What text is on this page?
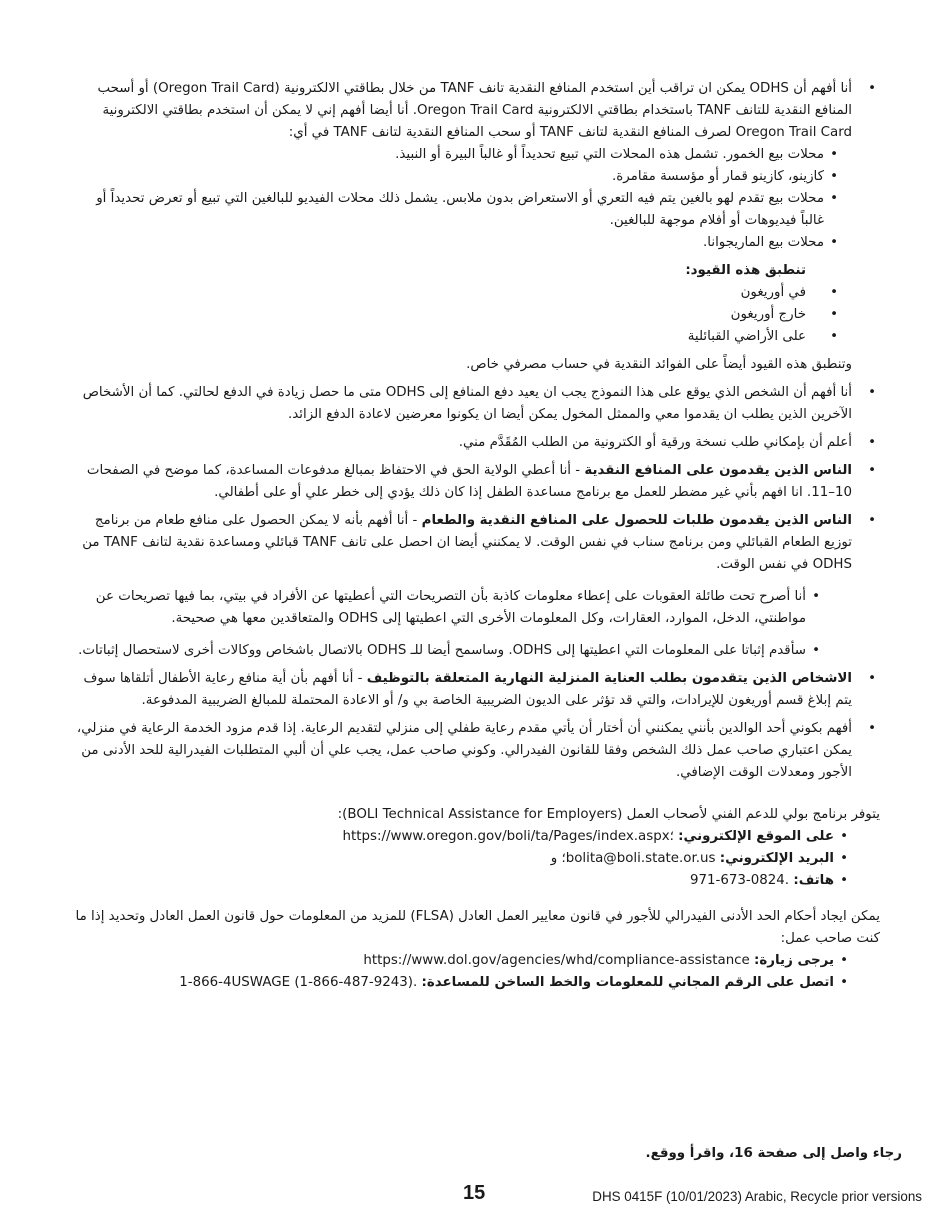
• أنا أفهم أن ODHS يمكن ان تراقب أين استخدم المنافع النقدية تانف TANF من خلال بطاقتي الالكترونية (Oregon Trail Card) أو أسحب المنافع النقدية للتانف TANF باستخدام بطاقتي الالكترونية Oregon Trail Card. أنا أيضا أفهم إني لا يمكن أن استخدم بطاقتي الالكترونية Oregon Trail Card لصرف المنافع النقدية لتانف TANF أو سحب المنافع النقدية لتانف TANF في أي:

• محلات بيع الخمور. تشمل هذه المحلات التي تبيع تحديداً أو غالباً البيرة أو النبيذ.

• كازينو، كازينو قمار أو مؤسسة مقامرة.

• محلات بيع تقدم لهو بالغين يتم فيه التعري أو الاستعراض بدون ملابس. يشمل ذلك محلات الفيديو للبالغين التي تبيع أو تعرض تحديداً أو غالباً فيديوهات أو أفلام موجهة للبالغين.

• محلات بيع الماريجوانا.

تنطبق هذه القيود:

• في أوريغون

• خارج أوريغون

• على الأراضي القبائلية

وتنطبق هذه القيود أيضاً على الفوائد النقدية في حساب مصرفي خاص.

• أنا أفهم أن الشخص الذي يوقع على هذا النموذج يجب ان يعيد دفع المنافع إلى ODHS متى ما حصل زيادة في الدفع لحالتي. كما أن الأشخاص الآخرين الذين يطلب ان يقدموا معي والممثل المخول يمكن أيضا ان يكونوا معرضين لاعادة الدفع الزائد.

• أعلم أن بإمكاني طلب نسخة ورقية أو الكترونية من الطلب المُقَدَّم مني.

• الناس الذين يقدمون على المنافع النقدية - أنا أعطي الولاية الحق في الاحتفاظ بمبالغ مدفوعات المساعدة، كما موضح في الصفحات 10–11. انا افهم بأني غير مضطر للعمل مع برنامج مساعدة الطفل إذا كان ذلك يؤدي إلى خطر علي أو على أطفالي.

• الناس الذين يقدمون طلبات للحصول على المنافع النقدية والطعام - أنا أفهم بأنه لا يمكن الحصول على منافع طعام من برنامج توزيع الطعام القبائلي ومن برنامج سناب في نفس الوقت. لا يمكنني أيضا ان احصل على تانف TANF قبائلي ومساعدة نقدية لتانف TANF من ODHS في نفس الوقت.

• أنا أصرح تحت طائلة العقوبات على إعطاء معلومات كاذبة بأن التصريحات التي أعطيتها عن الأفراد في بيتي، بما فيها تصريحات عن مواطنتي، الدخل، الموارد، العقارات، وكل المعلومات الأخرى التي اعطيتها إلى ODHS والمتعاقدين معها هي صحيحة.

• سأقدم إثباتا على المعلومات التي اعطيتها إلى ODHS. وساسمح أيضا للـ ODHS بالاتصال باشخاص ووكالات أخرى لاستحصال إثباتات.

• الاشخاص الذين يتقدمون بطلب العناية المنزلية النهارية المتعلقة بالتوظيف - أنا أفهم بأن أية منافع رعاية الأطفال أتلقاها سوف يتم إبلاغ قسم أوريغون للإيرادات، والتي قد تؤثر على الديون الضريبية الخاصة بي و/ أو الاعادة المحتملة للمبالغ الضريبية المدفوعة.

• أفهم بكوني أحد الوالدين بأنني يمكنني أن أختار أن يأتي مقدم رعاية طفلي إلى منزلي لتقديم الرعاية. إذا قدم مزود الخدمة الرعاية في منزلي، يمكن اعتباري صاحب عمل ذلك الشخص وفقا للقانون الفيدرالي. وكوني صاحب عمل، يجب علي أن ألبي المتطلبات الفيدرالية للحد الأدنى من الأجور ومعدلات الوقت الإضافي.

يتوفر برنامج بولي للدعم الفني لأصحاب العمل (BOLI Technical Assistance for Employers):

• على الموقع الإلكتروني: https://www.oregon.gov/boli/ta/Pages/index.aspx؛

• البريد الإلكتروني: bolita@boli.state.or.us؛ و

• هاتف: 971-673-0824.

يمكن ايجاد أحكام الحد الأدنى الفيدرالي للأجور في قانون معايير العمل العادل (FLSA) للمزيد من المعلومات حول قانون العمل العادل وتحديد إذا ما كنت صاحب عمل:

• يرجى زيارة: https://www.dol.gov/agencies/whd/compliance-assistance

• اتصل على الرقم المجاني للمعلومات والخط الساخن للمساعدة: 1-866-4USWAGE (1-866-487-9243).

رجاء واصل إلى صفحة 16، واقرأ ووقع.
15	DHS 0415F (10/01/2023) Arabic, Recycle prior versions
